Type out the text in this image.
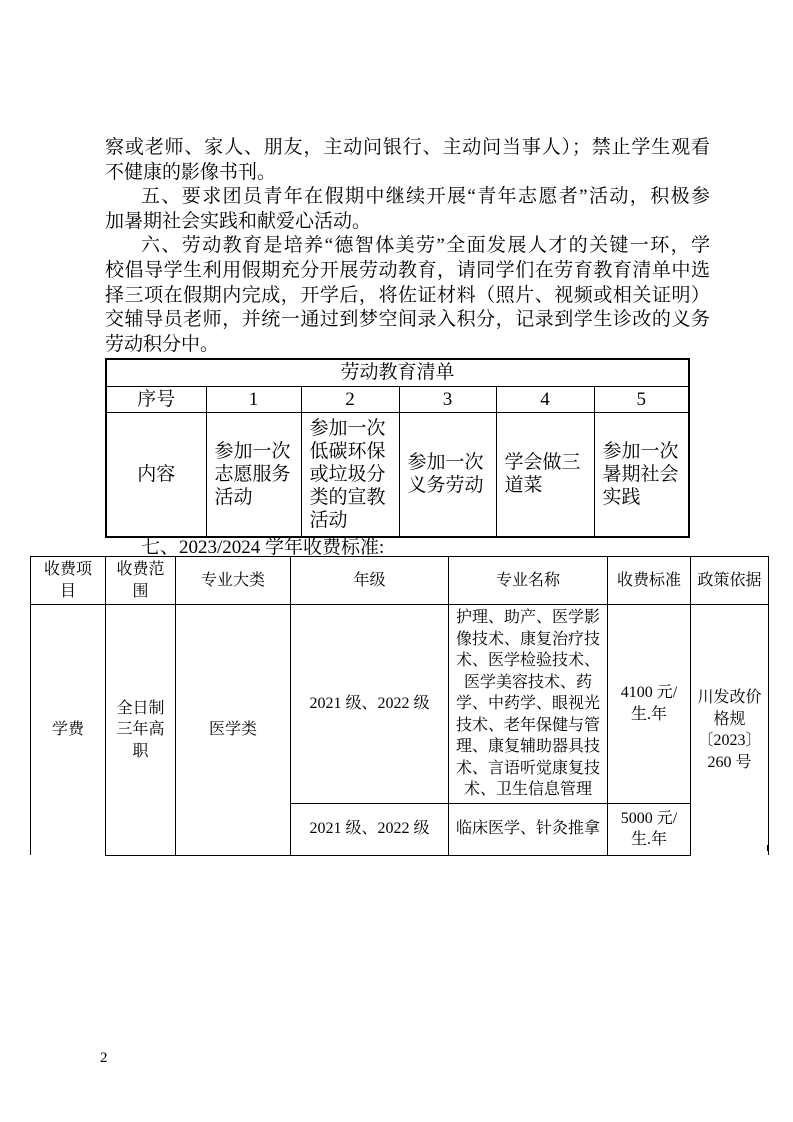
察或老师、家人、朋友，主动问银行、主动问当事人）；禁止学生观看
不健康的影像书刊。
五、要求团员青年在假期中继续开展“青年志愿者”活动，积极参
加暑期社会实践和献爱心活动。
六、劳动教育是培养“德智体美劳”全面发展人才的关键一环，学
校倡导学生利用假期充分开展劳动教育，请同学们在劳育教育清单中选
择三项在假期内完成，开学后，将佐证材料（照片、视频或相关证明）
交辅导员老师，并统一通过到梦空间录入积分，记录到学生诊改的义务
劳动积分中。
劳动教育清单					
序号	1	2	3	4	5
内容	参加一次志愿服务活动	参加一次低碳环保或垃圾分类的宣教活动	参加一次义务劳动	学会做三道菜	参加一次暑期社会实践
七、2023/2024 学年收费标准:
收费项目	收费范围	专业大类	年级	专业名称	收费标准	政策依据
学费	全日制三年高职	医学类	2021 级、2022 级	护理、助产、医学影像技术、康复治疗技术、医学检验技术、医学美容技术、药学、中药学、眼视光技术、老年保健与管理、康复辅助器具技术、言语听觉康复技术、卫生信息管理	4100 元/生.年	川发改价格规〔2023〕260 号
			2021 级、2022 级	临床医学、针灸推拿	5000 元/生.年	
2
